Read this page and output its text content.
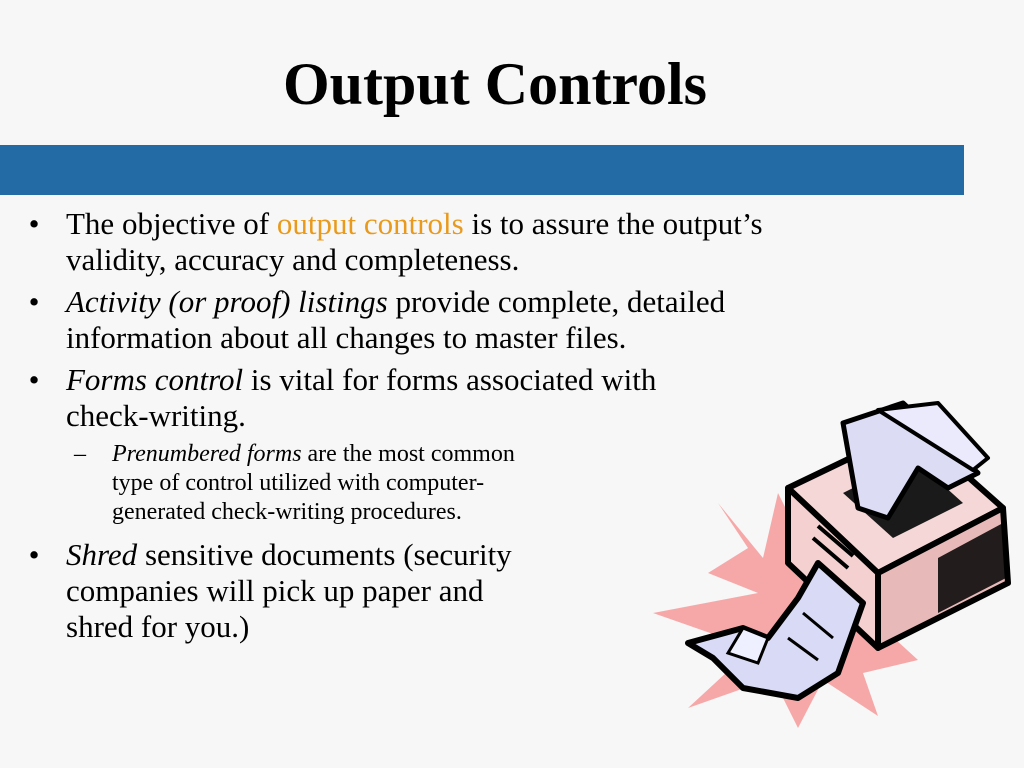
Output Controls
• The objective of output controls is to assure the output’s
validity, accuracy and completeness.
• Activity (or proof) listings provide complete, detailed
information about all changes to master files.
• Forms control is vital for forms associated with
check-writing.
– Prenumbered forms are the most common
type of control utilized with computer-
generated check-writing procedures.
• Shred sensitive documents (security
companies will pick up paper and
shred for you.)
